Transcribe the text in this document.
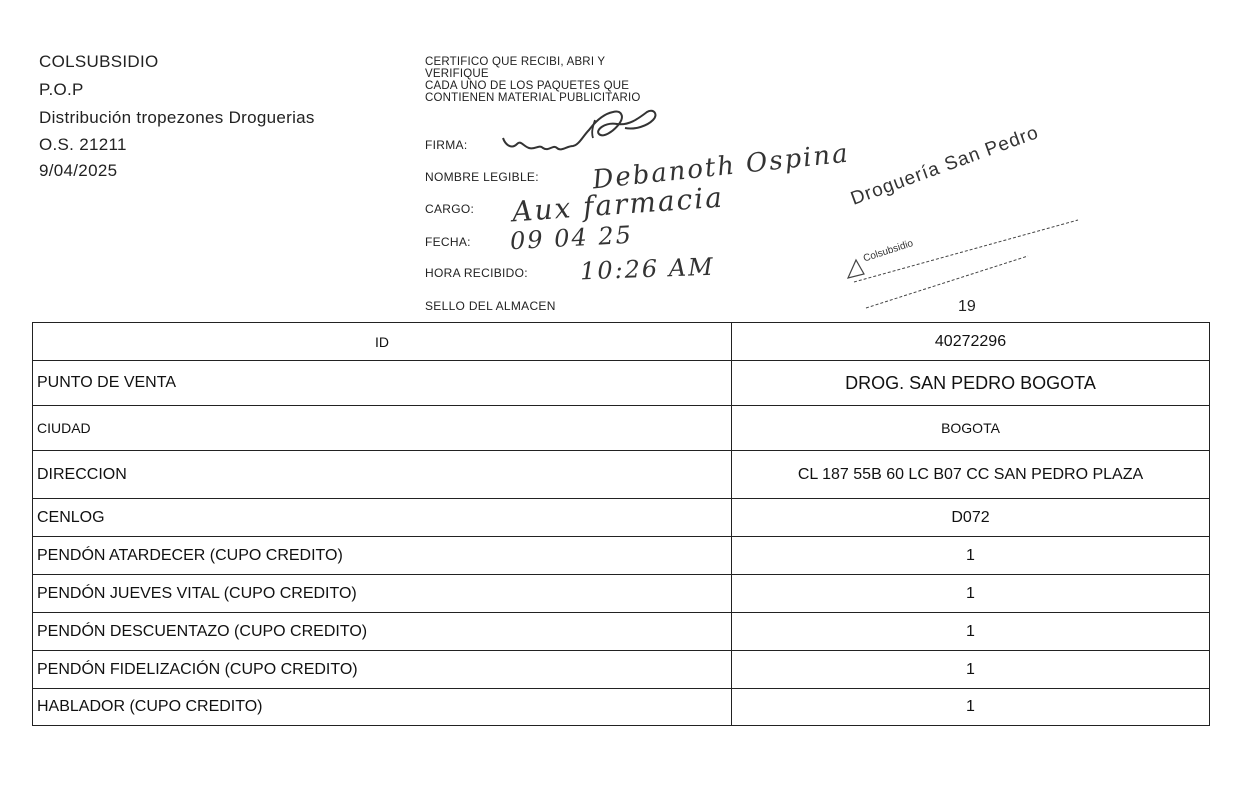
COLSUBSIDIO
P.O.P
Distribución tropezones Droguerias
O.S. 21211
9/04/2025
CERTIFICO QUE RECIBI, ABRI Y
VERIFIQUE
CADA UNO DE LOS PAQUETES QUE
CONTIENEN MATERIAL PUBLICITARIO
FIRMA:
NOMBRE LEGIBLE:
CARGO:
FECHA:
HORA RECIBIDO:
SELLO DEL ALMACEN
Debanoth Ospina
Aux farmacia
09 04 25
10:26 AM
Droguería San Pedro
Colsubsidio
19
ID	40272296
PUNTO DE VENTA	DROG. SAN PEDRO BOGOTA
CIUDAD	BOGOTA
DIRECCION	CL 187 55B 60 LC B07 CC SAN PEDRO PLAZA
CENLOG	D072
PENDÓN ATARDECER (CUPO CREDITO)	1
PENDÓN JUEVES VITAL (CUPO CREDITO)	1
PENDÓN DESCUENTAZO (CUPO CREDITO)	1
PENDÓN FIDELIZACIÓN (CUPO CREDITO)	1
HABLADOR (CUPO CREDITO)	1
